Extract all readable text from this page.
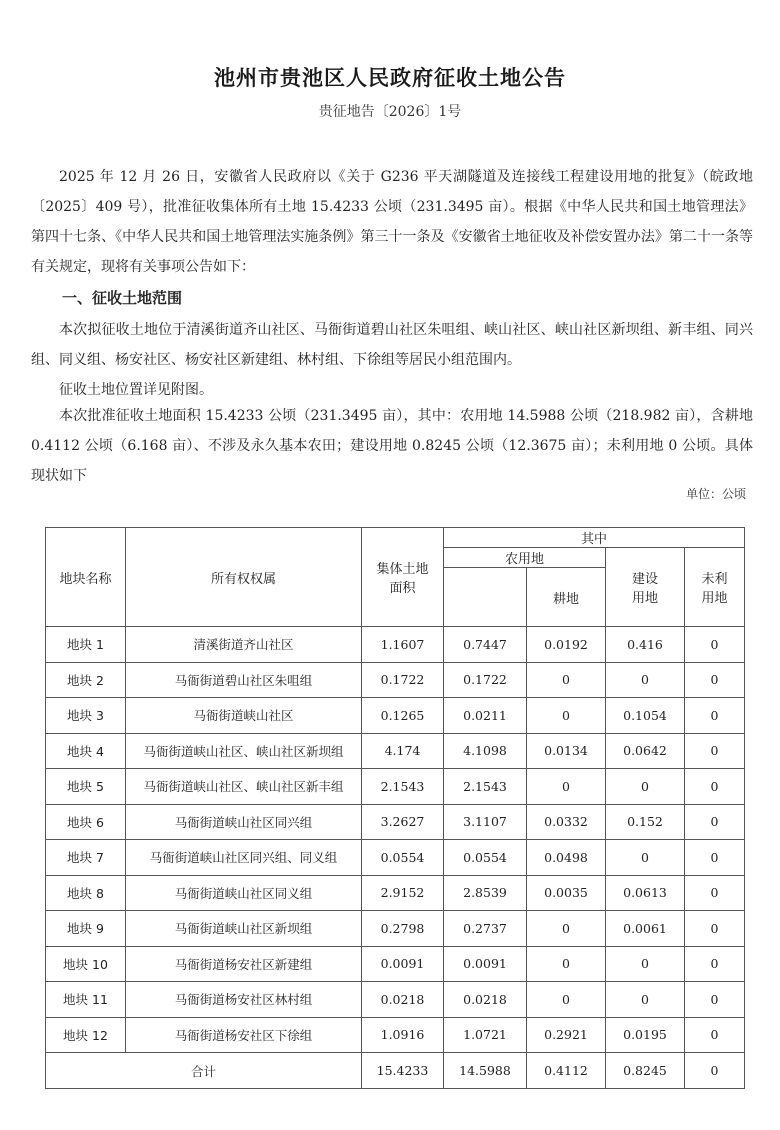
池州市贵池区人民政府征收土地公告
贵征地告〔2026〕1号
2025 年 12 月 26 日，安徽省人民政府以《关于 G236 平天湖隧道及连接线工程建设用地的批复》（皖政地〔2025〕409 号），批准征收集体所有土地 15.4233 公顷（231.3495 亩）。根据《中华人民共和国土地管理法》第四十七条、《中华人民共和国土地管理法实施条例》第三十一条及《安徽省土地征收及补偿安置办法》第二十一条等有关规定，现将有关事项公告如下：
一、征收土地范围
本次拟征收土地位于清溪街道齐山社区、马衙街道碧山社区朱咀组、峡山社区、峡山社区新坝组、新丰组、同兴组、同义组、杨安社区、杨安社区新建组、林村组、下徐组等居民小组范围内。
征收土地位置详见附图。
本次批准征收土地面积 15.4233 公顷（231.3495 亩），其中：农用地 14.5988 公顷（218.982 亩），含耕地 0.4112 公顷（6.168 亩）、不涉及永久基本农田；建设用地 0.8245 公顷（12.3675 亩）；未利用地 0 公顷。具体现状如下
单位：公顷
地块名称	所有权权属	集体土地面积	其中			
			农用地		建设用地	未利用地
				耕地		
地块 1	清溪街道齐山社区	1.1607	0.7447	0.0192	0.416	0
地块 2	马衙街道碧山社区朱咀组	0.1722	0.1722	0	0	0
地块 3	马衙街道峡山社区	0.1265	0.0211	0	0.1054	0
地块 4	马衙街道峡山社区、峡山社区新坝组	4.174	4.1098	0.0134	0.0642	0
地块 5	马衙街道峡山社区、峡山社区新丰组	2.1543	2.1543	0	0	0
地块 6	马衙街道峡山社区同兴组	3.2627	3.1107	0.0332	0.152	0
地块 7	马衙街道峡山社区同兴组、同义组	0.0554	0.0554	0.0498	0	0
地块 8	马衙街道峡山社区同义组	2.9152	2.8539	0.0035	0.0613	0
地块 9	马衙街道峡山社区新坝组	0.2798	0.2737	0	0.0061	0
地块 10	马衙街道杨安社区新建组	0.0091	0.0091	0	0	0
地块 11	马衙街道杨安社区林村组	0.0218	0.0218	0	0	0
地块 12	马衙街道杨安社区下徐组	1.0916	1.0721	0.2921	0.0195	0
合计		15.4233	14.5988	0.4112	0.8245	0
